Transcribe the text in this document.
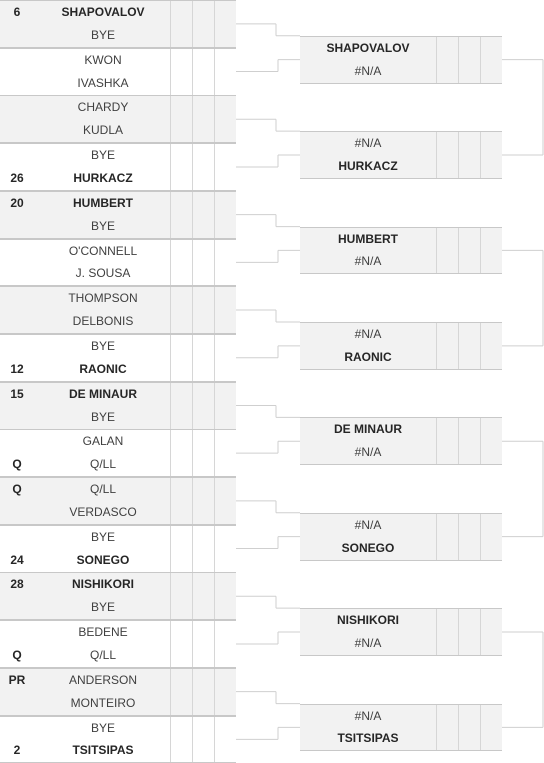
6	SHAPOVALOV
BYE
KWON
IVASHKA
CHARDY
KUDLA
BYE
26	HURKACZ
20	HUMBERT
BYE
O'CONNELL
J. SOUSA
THOMPSON
DELBONIS
BYE
12	RAONIC
15	DE MINAUR
BYE
GALAN
Q	Q/LL
Q	Q/LL
VERDASCO
BYE
24	SONEGO
28	NISHIKORI
BYE
BEDENE
Q	Q/LL
PR	ANDERSON
MONTEIRO
BYE
2	TSITSIPAS
SHAPOVALOV
#N/A
#N/A
HURKACZ
HUMBERT
#N/A
#N/A
RAONIC
DE MINAUR
#N/A
#N/A
SONEGO
NISHIKORI
#N/A
#N/A
TSITSIPAS
